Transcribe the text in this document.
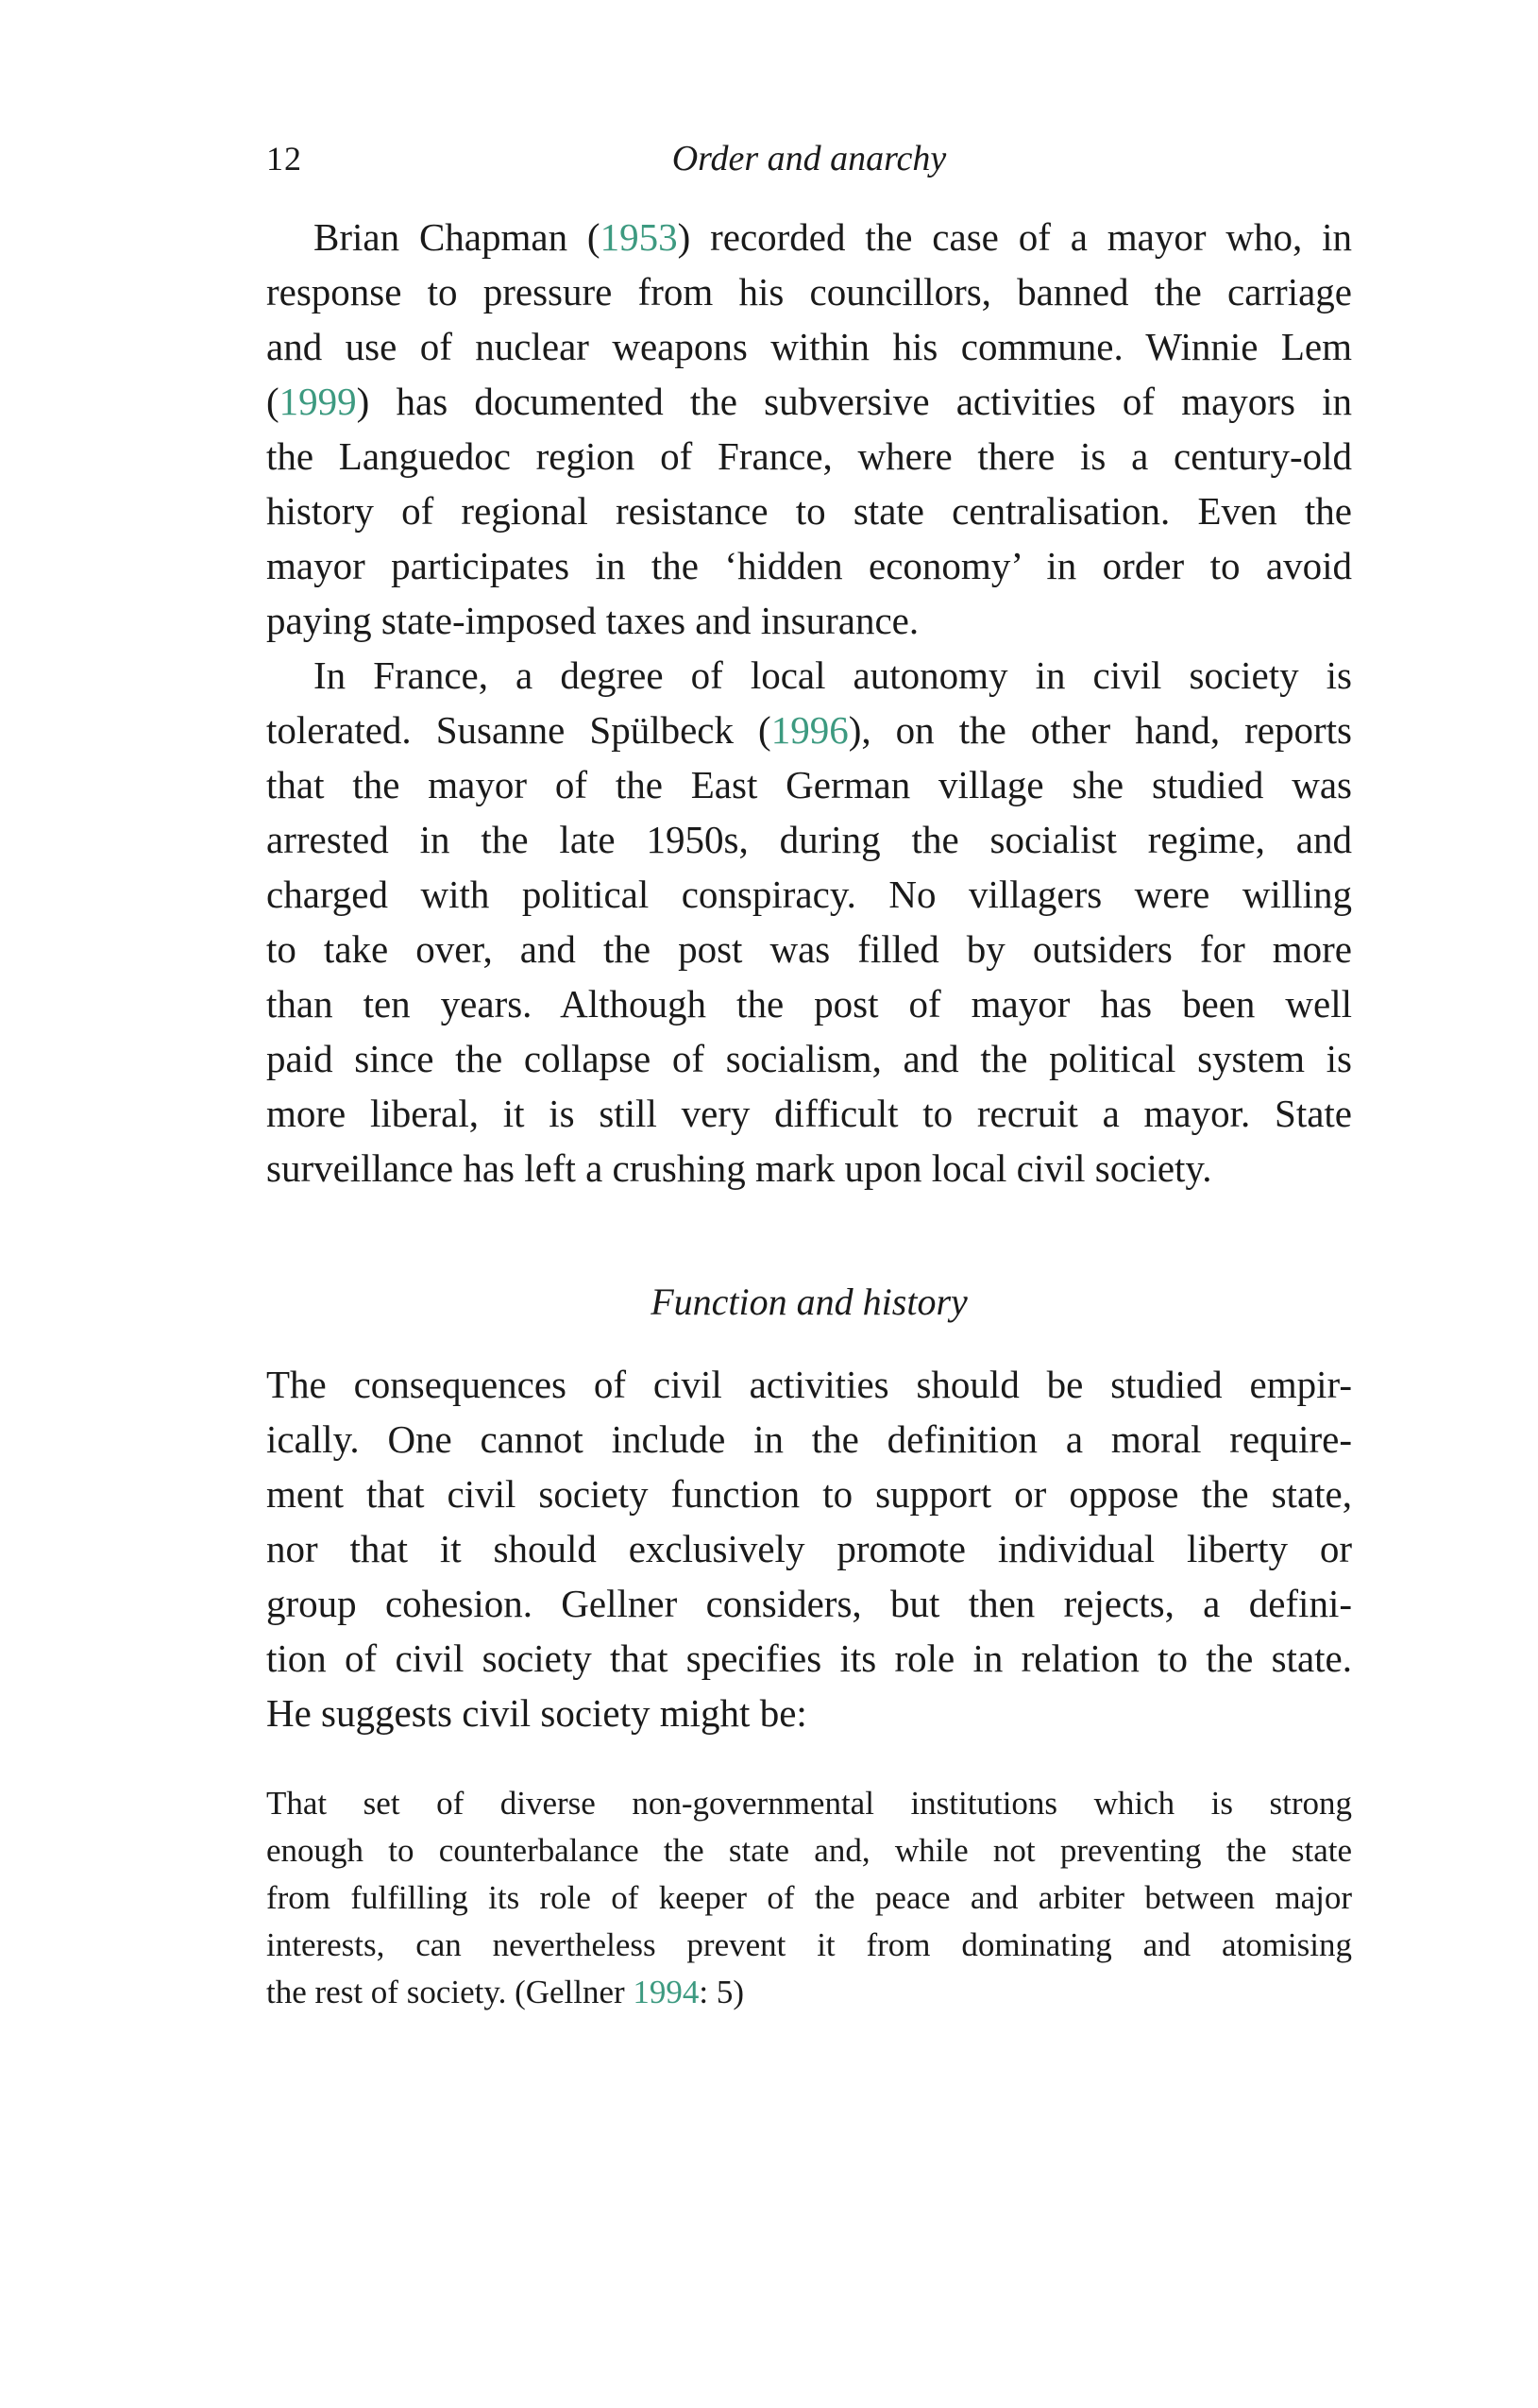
12	Order and anarchy
Brian Chapman (1953) recorded the case of a mayor who, in
response to pressure from his councillors, banned the carriage
and use of nuclear weapons within his commune. Winnie Lem
(1999) has documented the subversive activities of mayors in
the Languedoc region of France, where there is a century-old
history of regional resistance to state centralisation. Even the
mayor participates in the ‘hidden economy’ in order to avoid
paying state-imposed taxes and insurance.
In France, a degree of local autonomy in civil society is
tolerated. Susanne Spülbeck (1996), on the other hand, reports
that the mayor of the East German village she studied was
arrested in the late 1950s, during the socialist regime, and
charged with political conspiracy. No villagers were willing
to take over, and the post was filled by outsiders for more
than ten years. Although the post of mayor has been well
paid since the collapse of socialism, and the political system is
more liberal, it is still very difficult to recruit a mayor. State
surveillance has left a crushing mark upon local civil society.
Function and history
The consequences of civil activities should be studied empir-
ically. One cannot include in the definition a moral require-
ment that civil society function to support or oppose the state,
nor that it should exclusively promote individual liberty or
group cohesion. Gellner considers, but then rejects, a defini-
tion of civil society that specifies its role in relation to the state.
He suggests civil society might be:
That set of diverse non-governmental institutions which is strong
enough to counterbalance the state and, while not preventing the state
from fulfilling its role of keeper of the peace and arbiter between major
interests, can nevertheless prevent it from dominating and atomising
the rest of society. (Gellner 1994: 5)
